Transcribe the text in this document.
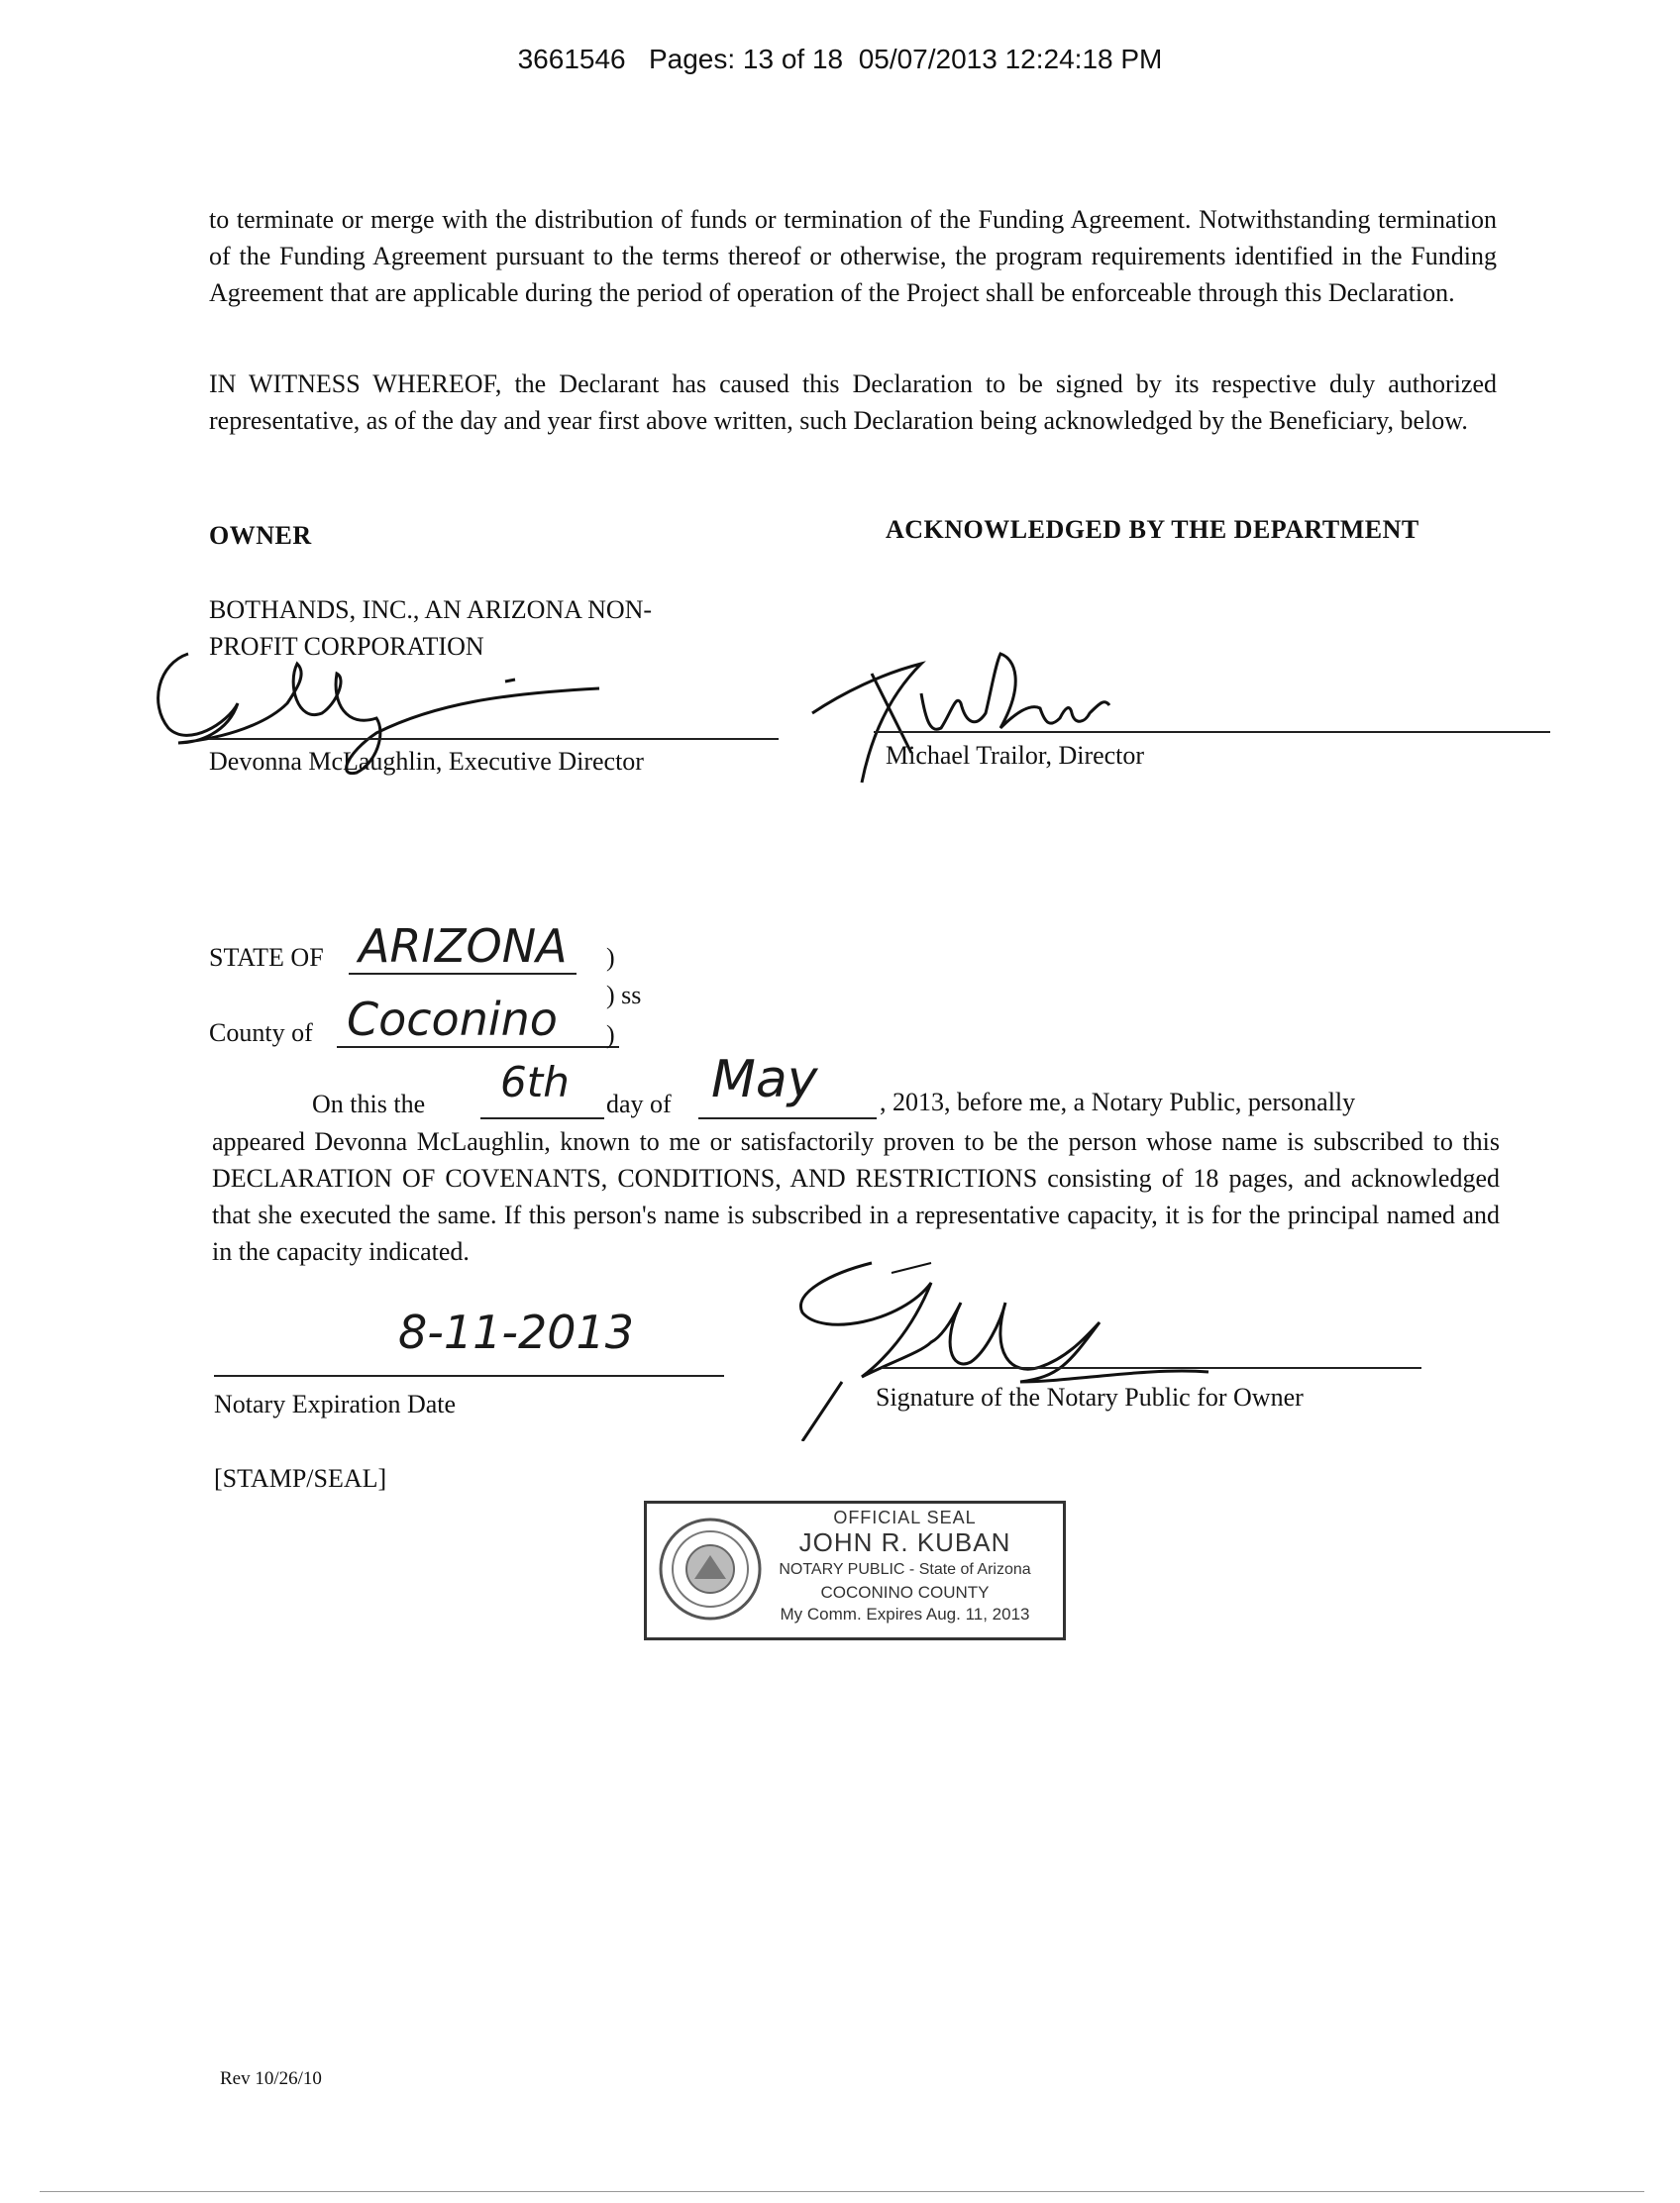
3661546 Pages: 13 of 18 05/07/2013 12:24:18 PM
to terminate or merge with the distribution of funds or termination of the Funding Agreement. Notwithstanding termination of the Funding Agreement pursuant to the terms thereof or otherwise, the program requirements identified in the Funding Agreement that are applicable during the period of operation of the Project shall be enforceable through this Declaration.
IN WITNESS WHEREOF, the Declarant has caused this Declaration to be signed by its respective duly authorized representative, as of the day and year first above written, such Declaration being acknowledged by the Beneficiary, below.
OWNER	ACKNOWLEDGED BY THE DEPARTMENT
BOTHANDS, INC., AN ARIZONA NON-
PROFIT CORPORATION
Devonna McLaughlin, Executive Director	Michael Trailor, Director
STATE OF ARIZONA )
) ss
County of Coconino )
On this the 6th day of May , 2013, before me, a Notary Public, personally
appeared Devonna McLaughlin, known to me or satisfactorily proven to be the person whose name is subscribed to this DECLARATION OF COVENANTS, CONDITIONS, AND RESTRICTIONS consisting of 18 pages, and acknowledged that she executed the same. If this person's name is subscribed in a representative capacity, it is for the principal named and in the capacity indicated.
8-11-2013
Notary Expiration Date	Signature of the Notary Public for Owner
[STAMP/SEAL]
OFFICIAL SEAL
JOHN R. KUBAN
NOTARY PUBLIC - State of Arizona
COCONINO COUNTY
My Comm. Expires Aug. 11, 2013
Rev 10/26/10
